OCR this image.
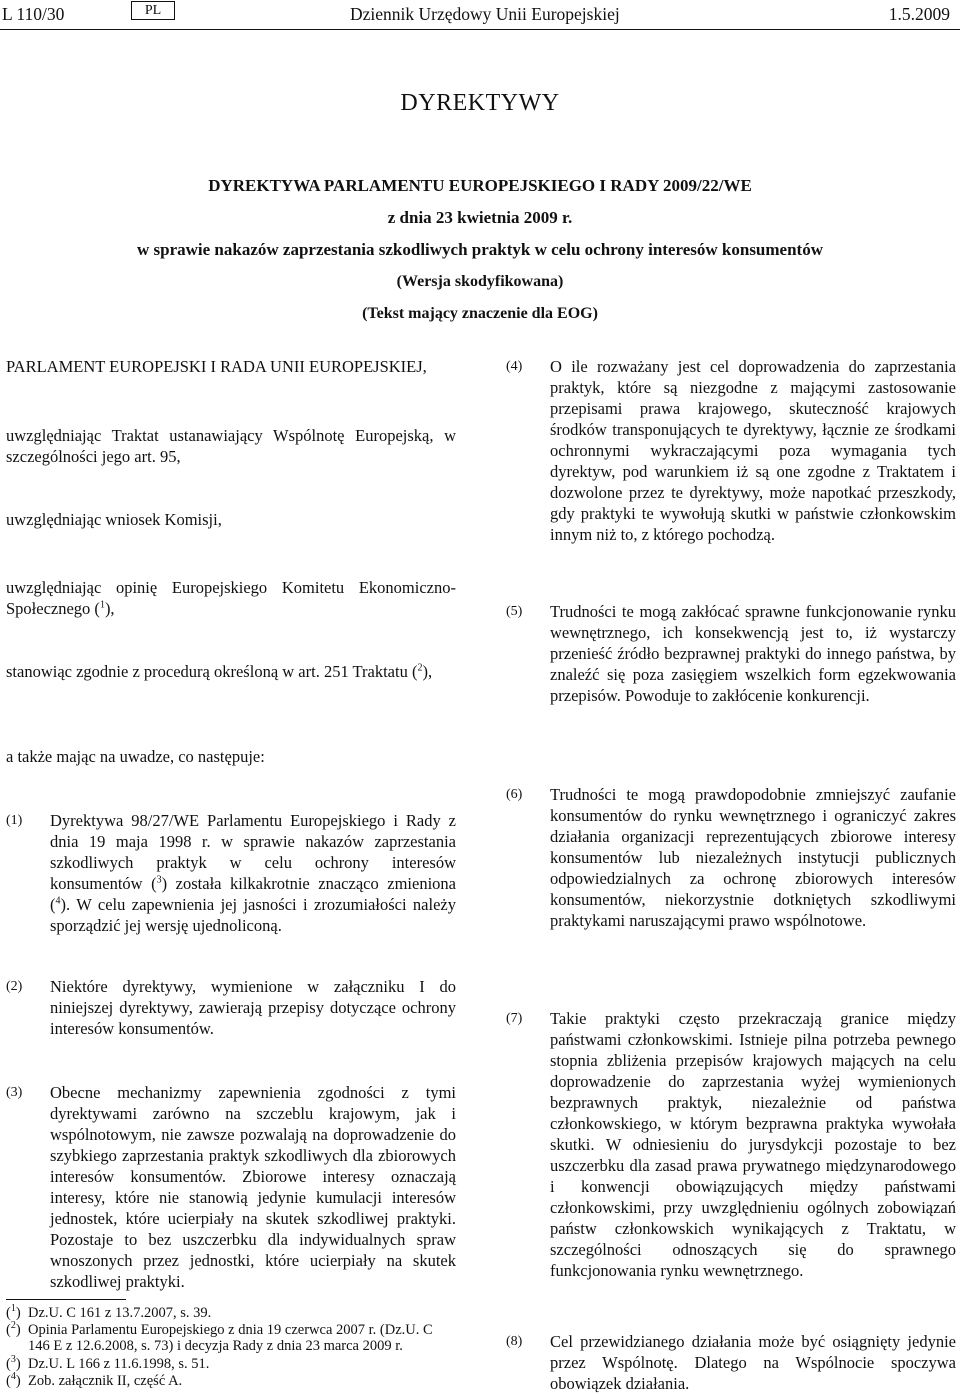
L 110/30	PL	Dziennik Urzędowy Unii Europejskiej	1.5.2009
DYREKTYWY
DYREKTYWA PARLAMENTU EUROPEJSKIEGO I RADY 2009/22/WE
z dnia 23 kwietnia 2009 r.
w sprawie nakazów zaprzestania szkodliwych praktyk w celu ochrony interesów konsumentów
(Wersja skodyfikowana)
(Tekst mający znaczenie dla EOG)
PARLAMENT EUROPEJSKI I RADA UNII EUROPEJSKIEJ,
uwzględniając Traktat ustanawiający Wspólnotę Europejską, w szczególności jego art. 95,
uwzględniając wniosek Komisji,
uwzględniając opinię Europejskiego Komitetu Ekonomiczno-Społecznego ($^1$),
stanowiąc zgodnie z procedurą określoną w art. 251 Traktatu ($^2$),
a także mając na uwadze, co następuje:
(1) Dyrektywa 98/27/WE Parlamentu Europejskiego i Rady z dnia 19 maja 1998 r. w sprawie nakazów zaprzestania szkodliwych praktyk w celu ochrony interesów konsumentów ($^3$) została kilkakrotnie znacząco zmieniona ($^4$). W celu zapewnienia jej jasności i zrozumiałości należy sporządzić jej wersję ujednoliconą.
(2) Niektóre dyrektywy, wymienione w załączniku I do niniejszej dyrektywy, zawierają przepisy dotyczące ochrony interesów konsumentów.
(3) Obecne mechanizmy zapewnienia zgodności z tymi dyrektywami zarówno na szczeblu krajowym, jak i wspólnotowym, nie zawsze pozwalają na doprowadzenie do szybkiego zaprzestania praktyk szkodliwych dla zbiorowych interesów konsumentów. Zbiorowe interesy oznaczają interesy, które nie stanowią jedynie kumulacji interesów jednostek, które ucierpiały na skutek szkodliwej praktyki. Pozostaje to bez uszczerbku dla indywidualnych spraw wnoszonych przez jednostki, które ucierpiały na skutek szkodliwej praktyki.
(4) O ile rozważany jest cel doprowadzenia do zaprzestania praktyk, które są niezgodne z mającymi zastosowanie przepisami prawa krajowego, skuteczność krajowych środków transponujących te dyrektywy, łącznie ze środkami ochronnymi wykraczającymi poza wymagania tych dyrektyw, pod warunkiem iż są one zgodne z Traktatem i dozwolone przez te dyrektywy, może napotkać przeszkody, gdy praktyki te wywołują skutki w państwie członkowskim innym niż to, z którego pochodzą.
(5) Trudności te mogą zakłócać sprawne funkcjonowanie rynku wewnętrznego, ich konsekwencją jest to, iż wystarczy przenieść źródło bezprawnej praktyki do innego państwa, by znaleźć się poza zasięgiem wszelkich form egzekwowania przepisów. Powoduje to zakłócenie konkurencji.
(6) Trudności te mogą prawdopodobnie zmniejszyć zaufanie konsumentów do rynku wewnętrznego i ograniczyć zakres działania organizacji reprezentujących zbiorowe interesy konsumentów lub niezależnych instytucji publicznych odpowiedzialnych za ochronę zbiorowych interesów konsumentów, niekorzystnie dotkniętych szkodliwymi praktykami naruszającymi prawo wspólnotowe.
(7) Takie praktyki często przekraczają granice między państwami członkowskimi. Istnieje pilna potrzeba pewnego stopnia zbliżenia przepisów krajowych mających na celu doprowadzenie do zaprzestania wyżej wymienionych bezprawnych praktyk, niezależnie od państwa członkowskiego, w którym bezprawna praktyka wywołała skutki. W odniesieniu do jurysdykcji pozostaje to bez uszczerbku dla zasad prawa prywatnego międzynarodowego i konwencji obowiązujących między państwami członkowskimi, przy uwzględnieniu ogólnych zobowiązań państw członkowskich wynikających z Traktatu, w szczególności odnoszących się do sprawnego funkcjonowania rynku wewnętrznego.
(8) Cel przewidzianego działania może być osiągnięty jedynie przez Wspólnotę. Dlatego na Wspólnocie spoczywa obowiązek działania.
($^1$) Dz.U. C 161 z 13.7.2007, s. 39.
($^2$) Opinia Parlamentu Europejskiego z dnia 19 czerwca 2007 r. (Dz.U. C 146 E z 12.6.2008, s. 73) i decyzja Rady z dnia 23 marca 2009 r.
($^3$) Dz.U. L 166 z 11.6.1998, s. 51.
($^4$) Zob. załącznik II, część A.
